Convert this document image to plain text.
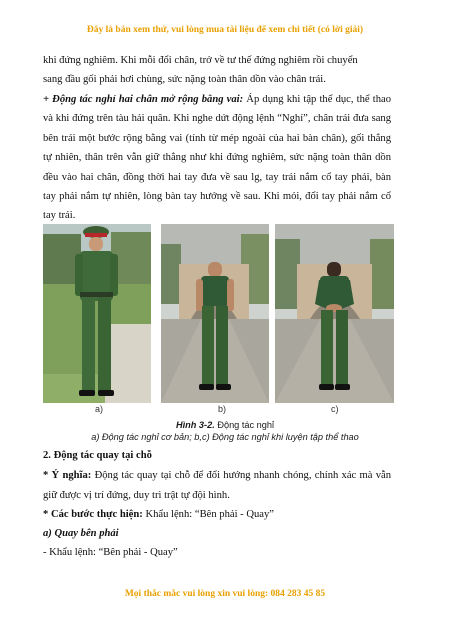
Đây là bản xem thử, vui lòng mua tài liệu để xem chi tiết (có lời giải)
khi đứng nghiêm. Khi mỗi đổi chân, trở về tư thế đứng nghiêm rồi chuyển
sang đầu gối phải hơi chùng, sức nặng toàn thân dồn vào chân trái.
+ Động tác nghỉ hai chân mở rộng bằng vai: Áp dụng khi tập thể dục, thể thao và khi đứng trên tàu hải quân. Khi nghe dứt động lệnh “Nghỉ”, chân trái đưa sang bên trái một bước rộng bằng vai (tính từ mép ngoài của hai bàn chân), gối thẳng tự nhiên, thân trên vẫn giữ thẳng như khi đứng nghiêm, sức nặng toàn thân dồn đều vào hai chân, đồng thời hai tay đưa về sau lg, tay trái nắm cổ tay phải, bàn tay phải nắm tự nhiên, lòng bàn tay hướng về sau. Khi mỏi, đổi tay phải nắm cổ tay trái.
a)	b)	c)
Hình 3-2. Động tác nghỉ
a) Động tác nghỉ cơ bản; b,c) Động tác nghỉ khi luyện tập thể thao
2. Động tác quay tại chỗ
* Ý nghĩa: Động tác quay tại chỗ để đổi hướng nhanh chóng, chính xác mà vẫn giữ được vị trí đứng, duy trì trật tự đội hình.
* Các bước thực hiện: Khẩu lệnh: “Bên phải - Quay”
a) Quay bên phải
- Khẩu lệnh: “Bên phải - Quay”
Mọi thắc mắc vui lòng xin vui lòng: 084 283 45 85
